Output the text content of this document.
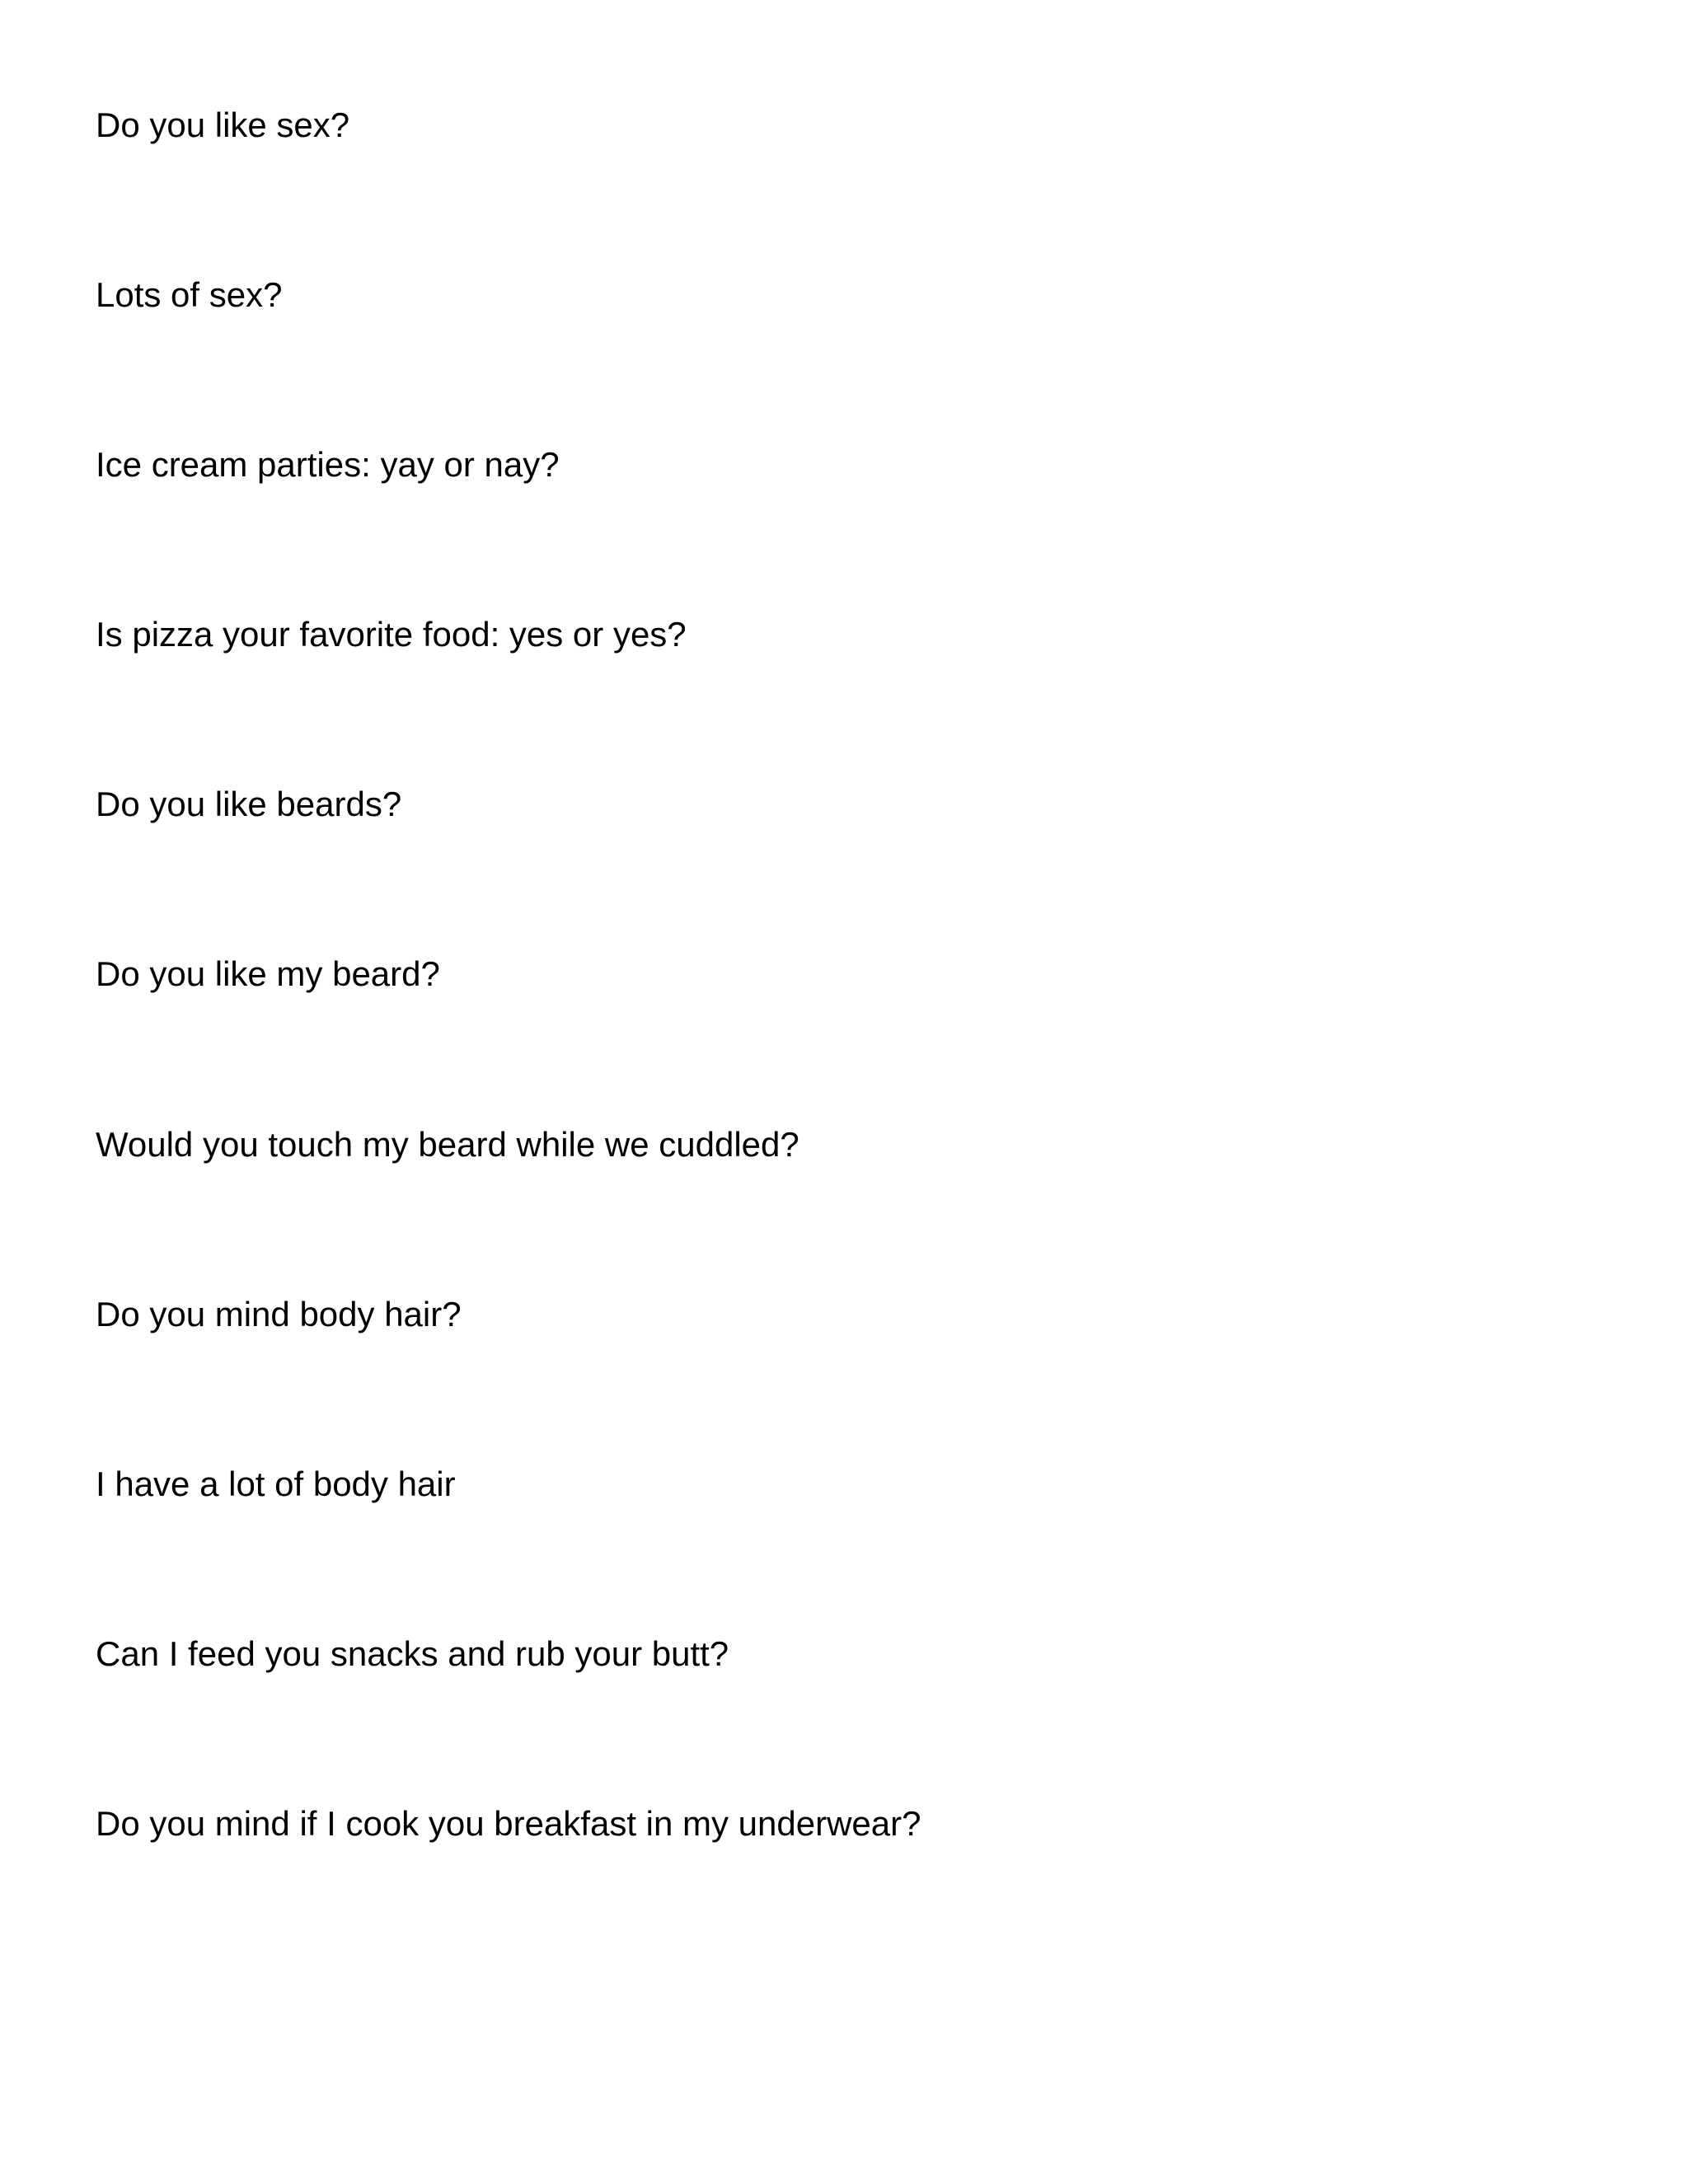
Do you like sex?

Lots of sex?

Ice cream parties: yay or nay?

Is pizza your favorite food: yes or yes?

Do you like beards?

Do you like my beard?

Would you touch my beard while we cuddled?

Do you mind body hair?

I have a lot of body hair

Can I feed you snacks and rub your butt?

Do you mind if I cook you breakfast in my underwear?
